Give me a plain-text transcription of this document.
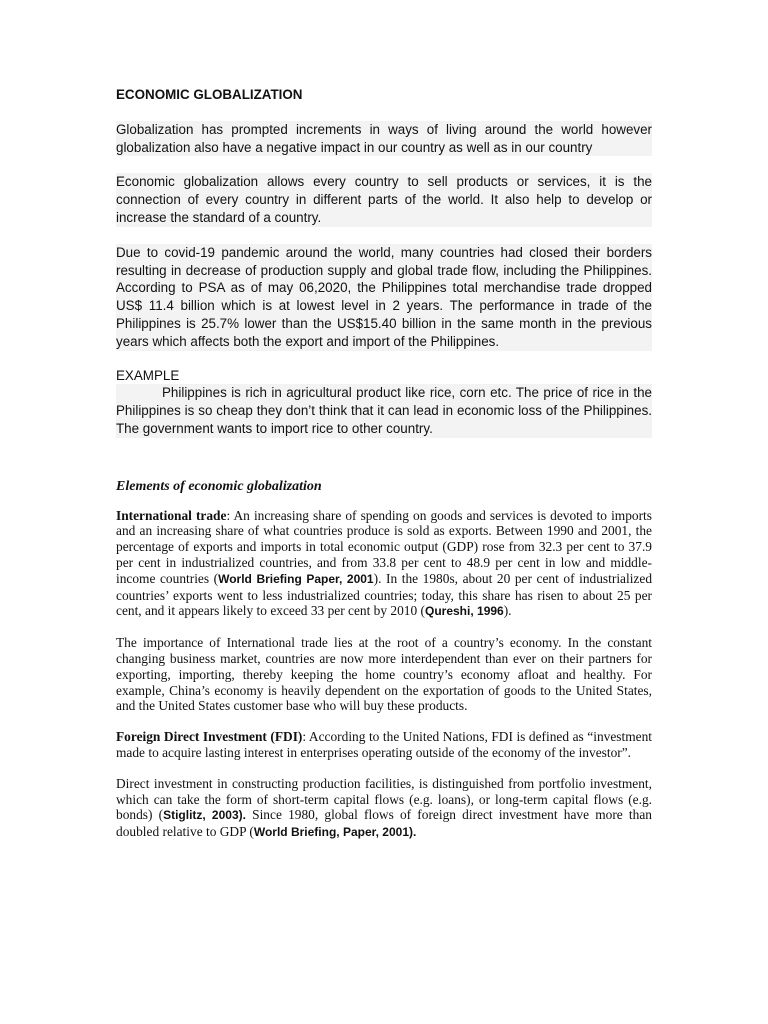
ECONOMIC GLOBALIZATION

Globalization has prompted increments in ways of living around the world however globalization also have a negative impact in our country as well as in our country

Economic globalization allows every country to sell products or services, it is the connection of every country in different parts of the world. It also help to develop or increase the standard of a country.

Due to covid-19 pandemic around the world, many countries had closed their borders resulting in decrease of production supply and global trade flow, including the Philippines. According to PSA as of may 06,2020, the Philippines total merchandise trade dropped US$ 11.4 billion which is at lowest level in 2 years. The performance in trade of the Philippines is 25.7% lower than the US$15.40 billion in the same month in the previous years which affects both the export and import of the Philippines.

EXAMPLE

Philippines is rich in agricultural product like rice, corn etc. The price of rice in the Philippines is so cheap they don’t think that it can lead in economic loss of the Philippines. The government wants to import rice to other country.

Elements of economic globalization

International trade: An increasing share of spending on goods and services is devoted to imports and an increasing share of what countries produce is sold as exports. Between 1990 and 2001, the percentage of exports and imports in total economic output (GDP) rose from 32.3 per cent to 37.9 per cent in industrialized countries, and from 33.8 per cent to 48.9 per cent in low and middle-income countries (World Briefing Paper, 2001). In the 1980s, about 20 per cent of industrialized countries’ exports went to less industrialized countries; today, this share has risen to about 25 per cent, and it appears likely to exceed 33 per cent by 2010 (Qureshi, 1996).

The importance of International trade lies at the root of a country’s economy. In the constant changing business market, countries are now more interdependent than ever on their partners for exporting, importing, thereby keeping the home country’s economy afloat and healthy. For example, China’s economy is heavily dependent on the exportation of goods to the United States, and the United States customer base who will buy these products.

Foreign Direct Investment (FDI): According to the United Nations, FDI is defined as “investment made to acquire lasting interest in enterprises operating outside of the economy of the investor”.

Direct investment in constructing production facilities, is distinguished from portfolio investment, which can take the form of short-term capital flows (e.g. loans), or long-term capital flows (e.g. bonds) (Stiglitz, 2003). Since 1980, global flows of foreign direct investment have more than doubled relative to GDP (World Briefing, Paper, 2001).
